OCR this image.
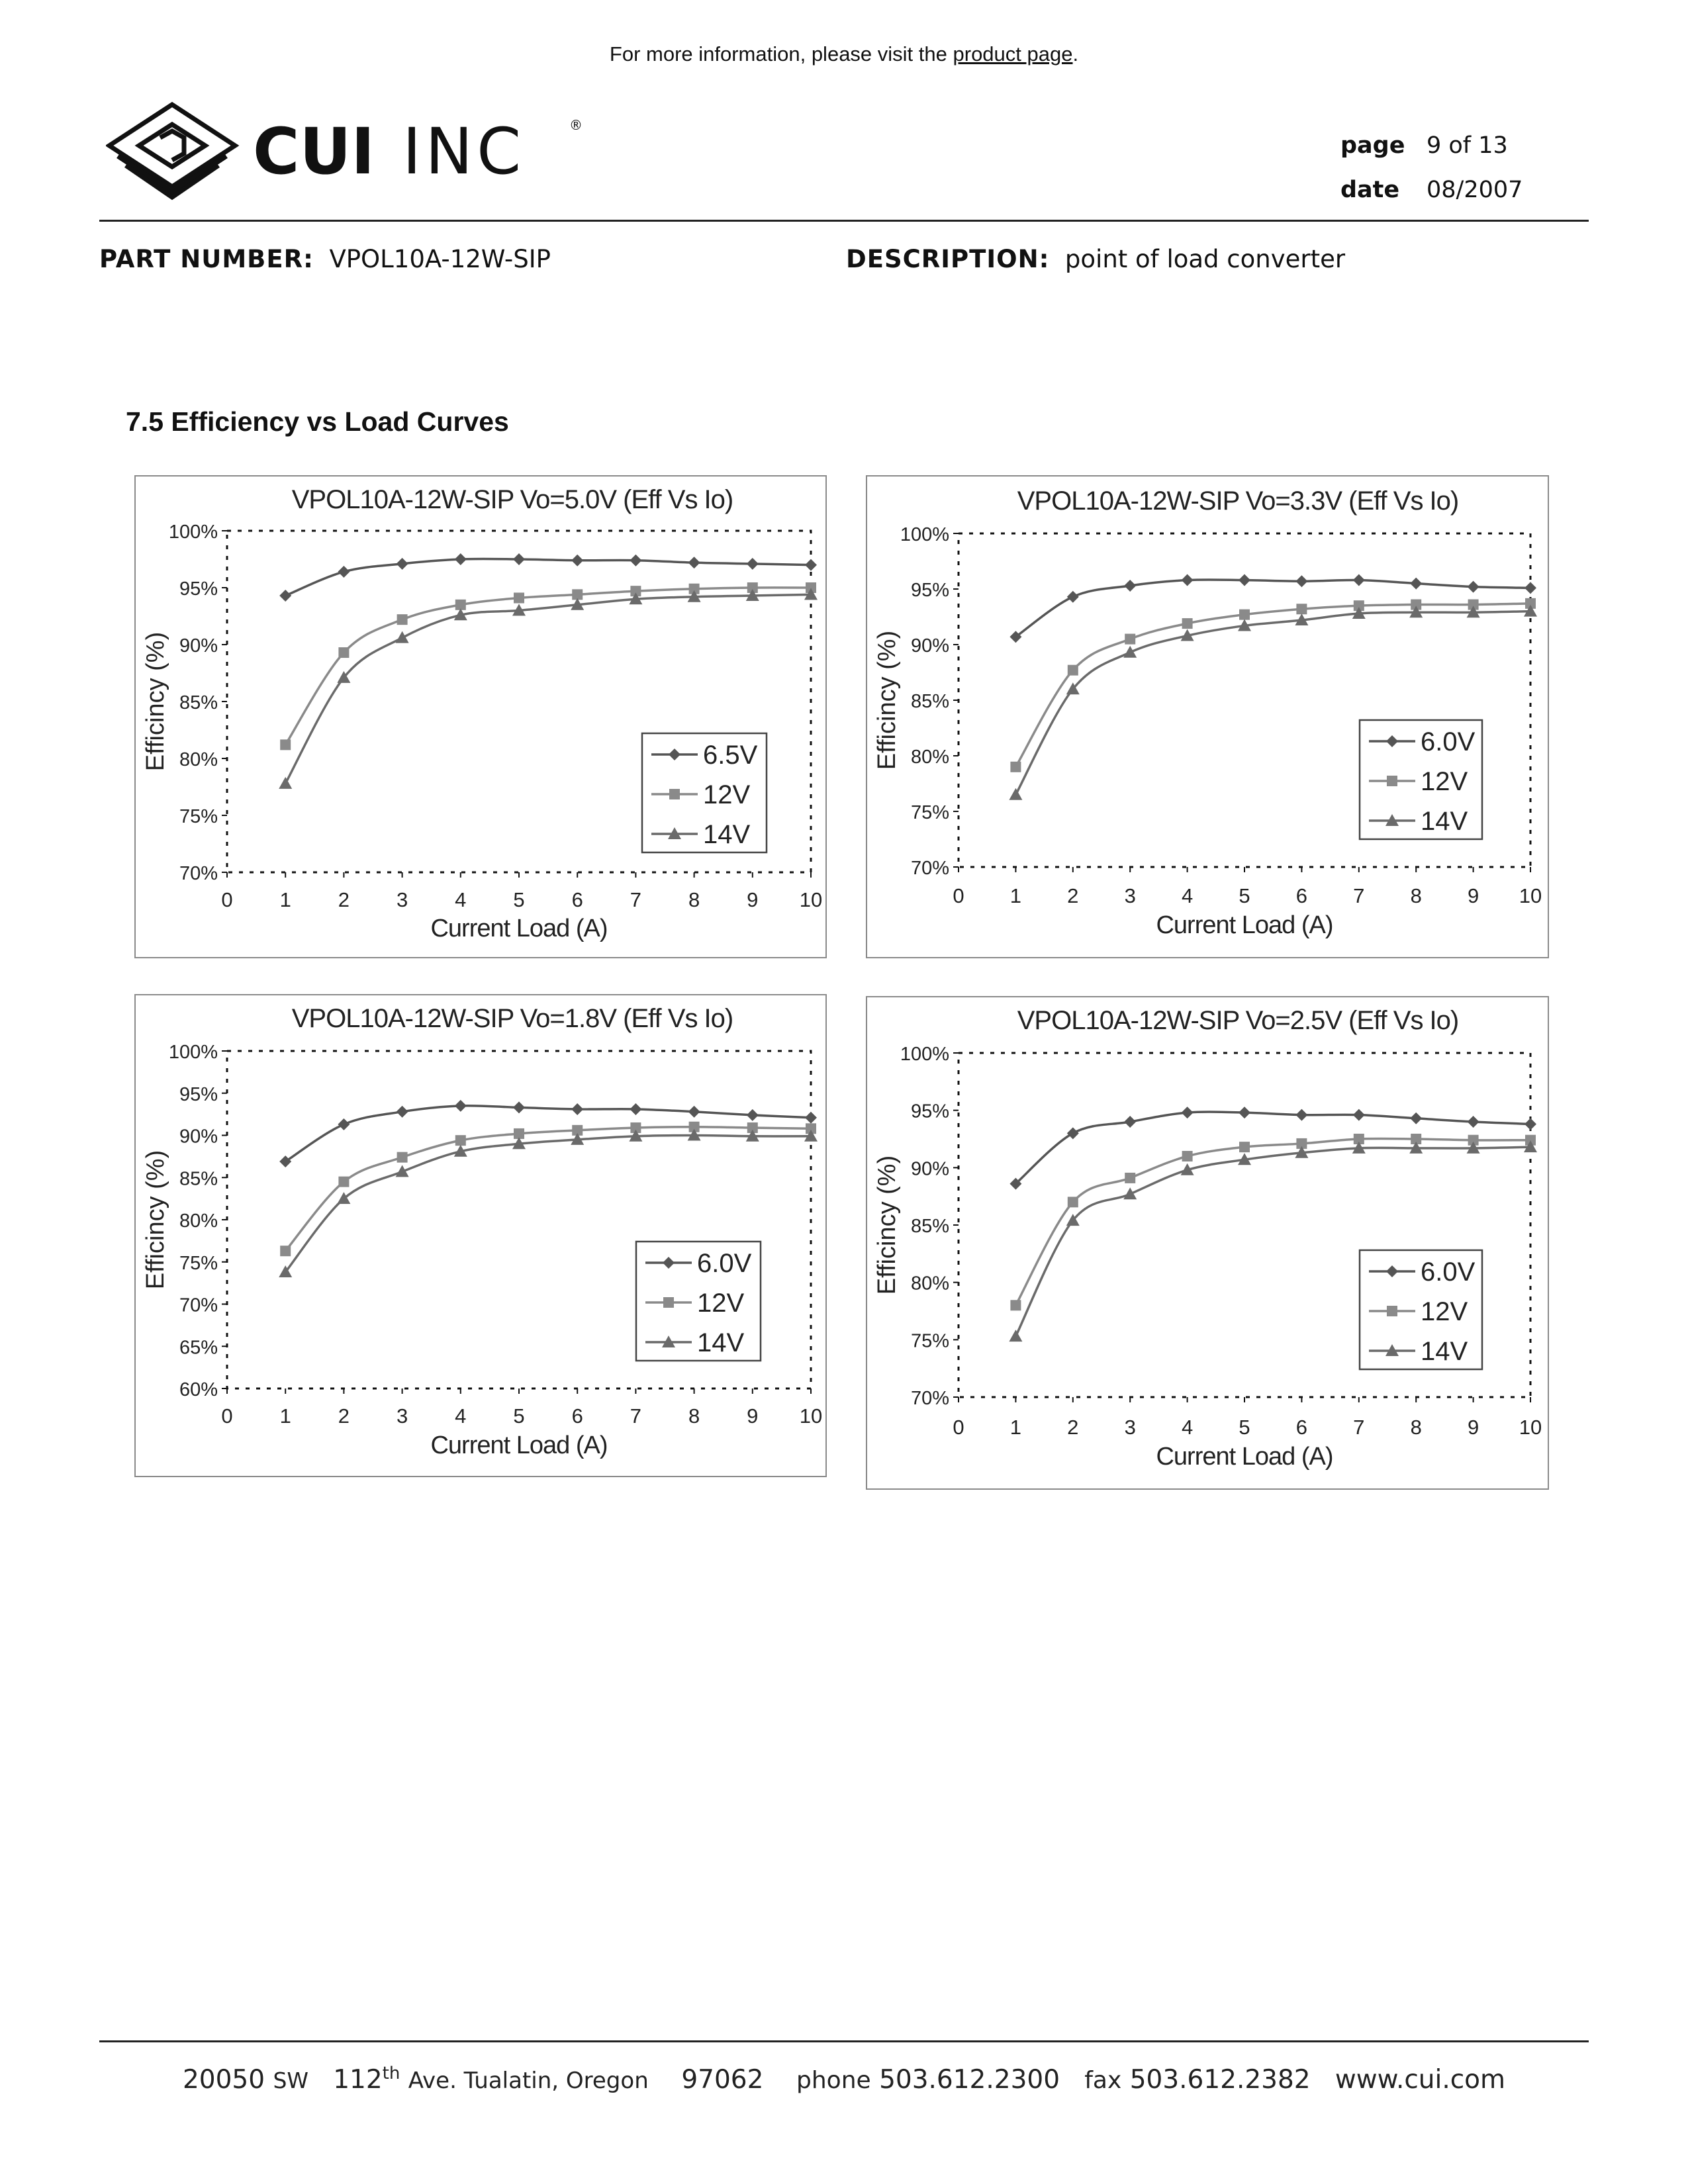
For more information, please visit the product page.
CUI INC	®
page 9 of 13
date 08/2007
PART NUMBER: VPOL10A-12W-SIP	DESCRIPTION: point of load converter
7.5 Efficiency vs Load Curves
VPOL10A-12W-SIP Vo=5.0V (Eff Vs Io)
70%
75%
80%
85%
90%
95%
100%
0 1 2 3 4 5 6 7 8 9 10
Current Load (A)
Efficincy (%)	6.5V
12V
14V
VPOL10A-12W-SIP Vo=3.3V (Eff Vs Io)
70%
75%
80%
85%
90%
95%
100%
0 1 2 3 4 5 6 7 8 9 10
Current Load (A)
Efficincy (%)	6.0V
12V
14V
VPOL10A-12W-SIP Vo=1.8V (Eff Vs Io)
60%
65%
70%
75%
80%
85%
90%
95%
100%
0 1 2 3 4 5 6 7 8 9 10
Current Load (A)
Efficincy (%)	6.0V
12V
14V
VPOL10A-12W-SIP Vo=2.5V (Eff Vs Io)
70%
75%
80%
85%
90%
95%
100%
0 1 2 3 4 5 6 7 8 9 10
Current Load (A)
Efficincy (%)	6.0V
12V
14V
20050 SW 112th Ave. Tualatin, Oregon 97062 phone 503.612.2300 fax 503.612.2382 www.cui.com
